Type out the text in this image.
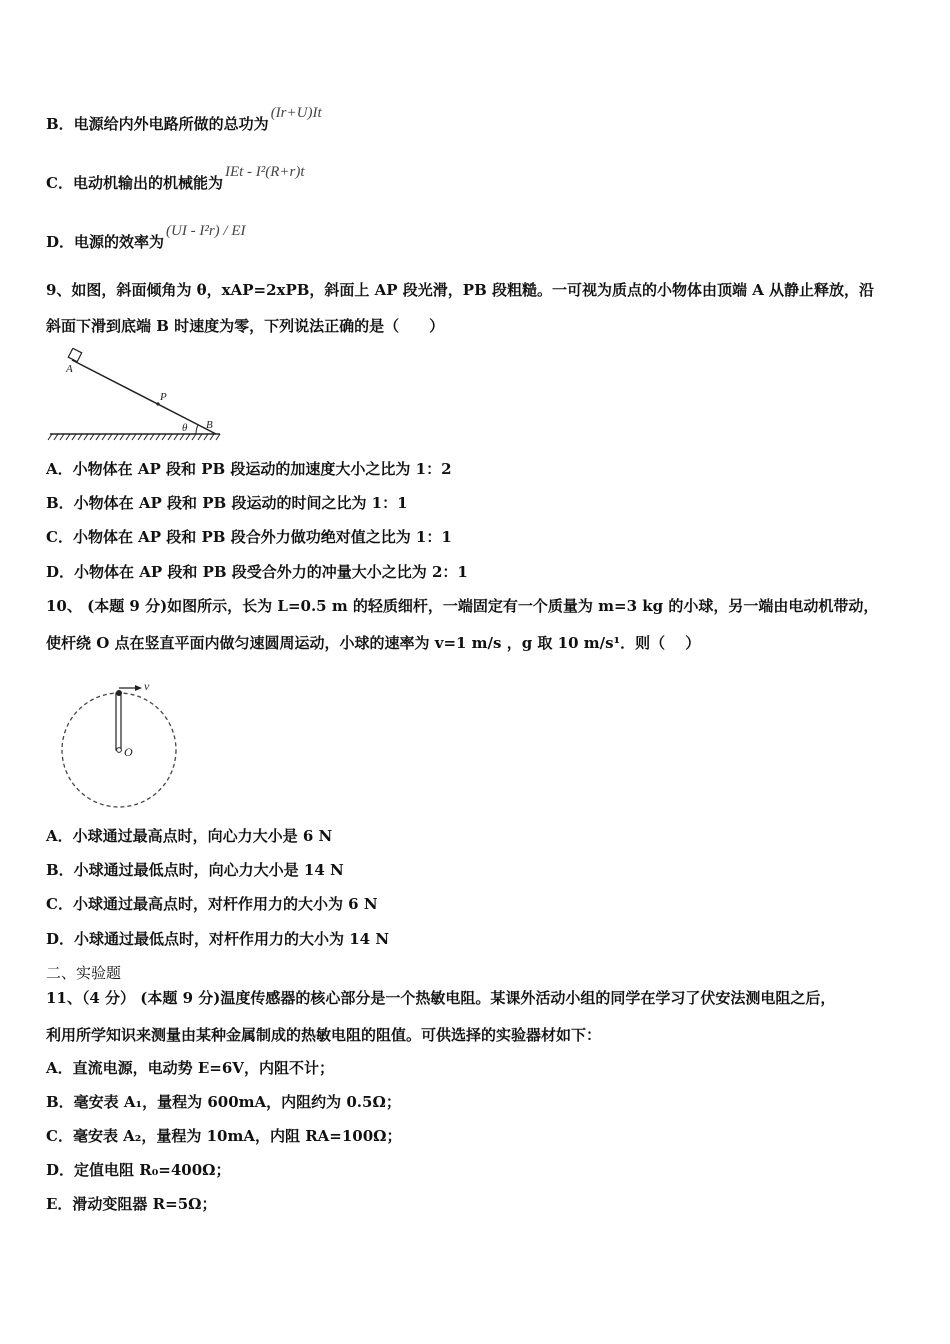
B．电源给内外电路所做的总功为(Ir+U)It
C．电动机输出的机械能为IEt - I²(R+r)t
D．电源的效率为(UI - I²r) / EI
9、如图，斜面倾角为 θ，xAP=2xPB，斜面上 AP 段光滑，PB 段粗糙。一可视为质点的小物体由顶端 A 从静止释放，沿
斜面下滑到底端 B 时速度为零，下列说法正确的是（　　）
A
P
θ B
A．小物体在 AP 段和 PB 段运动的加速度大小之比为 1：2
B．小物体在 AP 段和 PB 段运动的时间之比为 1：1
C．小物体在 AP 段和 PB 段合外力做功绝对值之比为 1：1
D．小物体在 AP 段和 PB 段受合外力的冲量大小之比为 2：1
10、 (本题 9 分)如图所示，长为 L=0.5 m 的轻质细杆，一端固定有一个质量为 m=3 kg 的小球，另一端由电动机带动，
使杆绕 O 点在竖直平面内做匀速圆周运动，小球的速率为 v=1 m/s ，g 取 10 m/s¹．则（　 ）
v
O
A．小球通过最高点时，向心力大小是 6 N
B．小球通过最低点时，向心力大小是 14 N
C．小球通过最高点时，对杆作用力的大小为 6 N
D．小球通过最低点时，对杆作用力的大小为 14 N
二、实验题
11、（4 分） (本题 9 分)温度传感器的核心部分是一个热敏电阻。某课外活动小组的同学在学习了伏安法测电阻之后，
利用所学知识来测量由某种金属制成的热敏电阻的阻值。可供选择的实验器材如下：
A．直流电源，电动势 E=6V，内阻不计；
B．毫安表 A₁，量程为 600mA，内阻约为 0.5Ω；
C．毫安表 A₂，量程为 10mA，内阻 RA=100Ω；
D．定值电阻 R₀=400Ω；
E．滑动变阻器 R=5Ω；
